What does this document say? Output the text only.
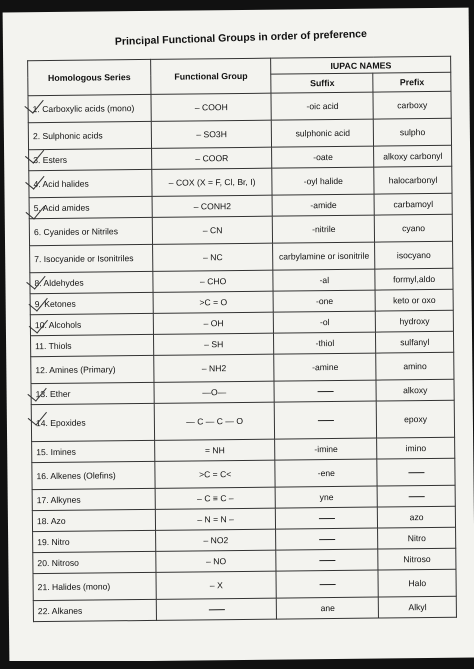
Principal Functional Groups in order of preference
Homologous Series	Functional Group	IUPAC NAMES	
		Suffix	Prefix
1. Carboxylic acids (mono)	– COOH	-oic acid	carboxy
2. Sulphonic acids	– SO3H	sulphonic acid	sulpho
3. Esters	– COOR	-oate	alkoxy carbonyl
4. Acid halides	– COX (X = F, Cl, Br, I)	-oyl halide	halocarbonyl
5. Acid amides	– CONH2	-amide	carbamoyl
6. Cyanides or Nitriles	– CN	-nitrile	cyano
7. Isocyanide or Isonitriles	– NC	carbylamine or isonitrile	isocyano
8. Aldehydes	– CHO	-al	formyl,aldo
9. Ketones	>C = O	-one	keto or oxo
10. Alcohols	– OH	-ol	hydroxy
11. Thiols	– SH	-thiol	sulfanyl
12. Amines (Primary)	– NH2	-amine	amino
13. Ether	—O—		alkoxy
14. Epoxides	— C — C — O		epoxy
15. Imines	= NH	-imine	imino
16. Alkenes (Olefins)	>C = C<	-ene	
17. Alkynes	– C ≡ C –	yne	
18. Azo	– N = N –		azo
19. Nitro	– NO2		Nitro
20. Nitroso	– NO		Nitroso
21. Halides (mono)	– X		Halo
22. Alkanes		ane	Alkyl
